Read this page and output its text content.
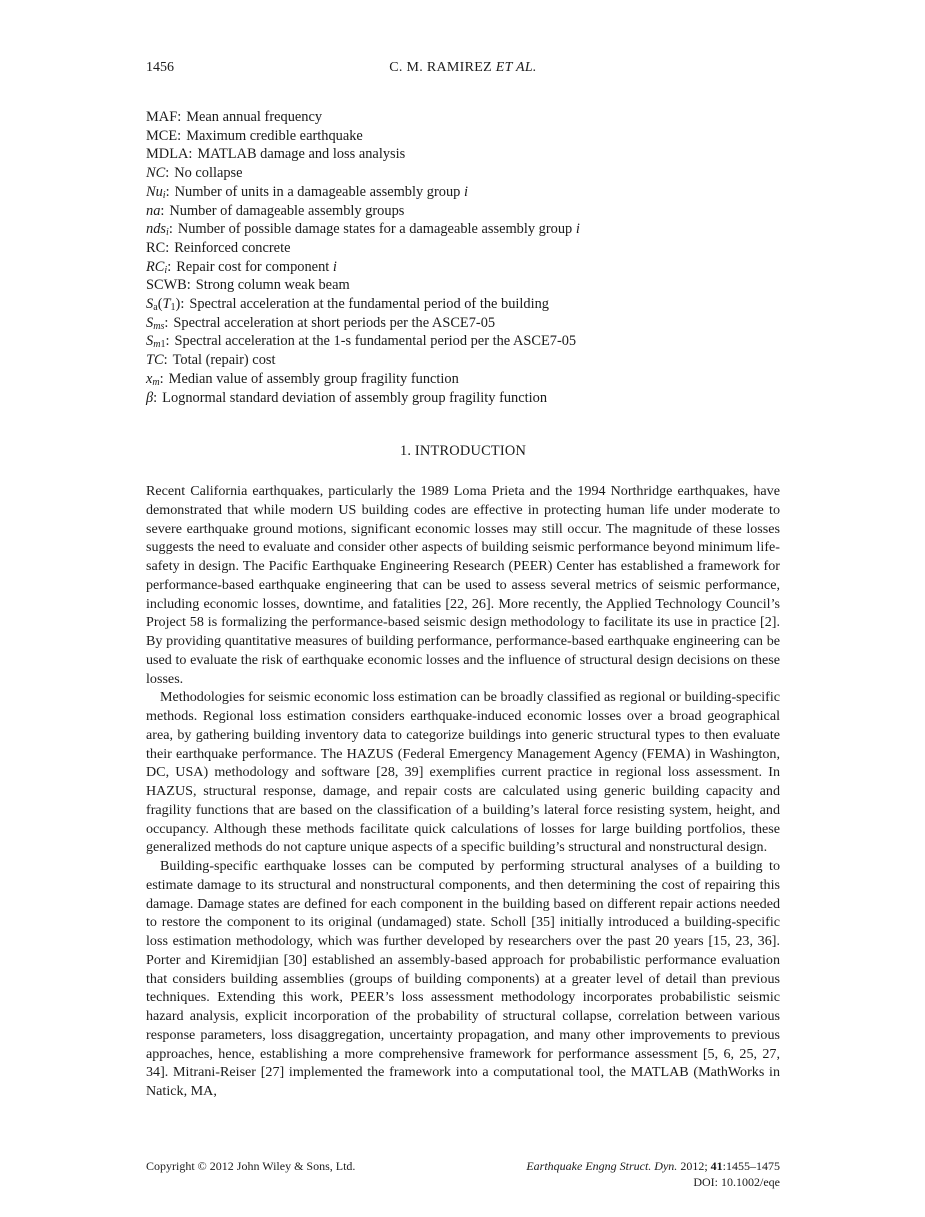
1456	C. M. RAMIREZ ET AL.
MAF: Mean annual frequency
MCE: Maximum credible earthquake
MDLA: MATLAB damage and loss analysis
NC: No collapse
$Nu_i$: Number of units in a damageable assembly group i
na: Number of damageable assembly groups
nds$_i$: Number of possible damage states for a damageable assembly group i
RC: Reinforced concrete
$RC_i$: Repair cost for component i
SCWB: Strong column weak beam
$S_a(T_1)$: Spectral acceleration at the fundamental period of the building
$S_{ms}$: Spectral acceleration at short periods per the ASCE7-05
$S_{m1}$: Spectral acceleration at the 1-s fundamental period per the ASCE7-05
TC: Total (repair) cost
$x_m$: Median value of assembly group fragility function
β: Lognormal standard deviation of assembly group fragility function
1. INTRODUCTION

Recent California earthquakes, particularly the 1989 Loma Prieta and the 1994 Northridge earthquakes, have demonstrated that while modern US building codes are effective in protecting human life under moderate to severe earthquake ground motions, significant economic losses may still occur. The magnitude of these losses suggests the need to evaluate and consider other aspects of building seismic performance beyond minimum life-safety in design. The Pacific Earthquake Engineering Research (PEER) Center has established a framework for performance-based earthquake engineering that can be used to assess several metrics of seismic performance, including economic losses, downtime, and fatalities [22, 26]. More recently, the Applied Technology Council’s Project 58 is formalizing the performance-based seismic design methodology to facilitate its use in practice [2]. By providing quantitative measures of building performance, performance-based earthquake engineering can be used to evaluate the risk of earthquake economic losses and the influence of structural design decisions on these losses.

Methodologies for seismic economic loss estimation can be broadly classified as regional or building-specific methods. Regional loss estimation considers earthquake-induced economic losses over a broad geographical area, by gathering building inventory data to categorize buildings into generic structural types to then evaluate their earthquake performance. The HAZUS (Federal Emergency Management Agency (FEMA) in Washington, DC, USA) methodology and software [28, 39] exemplifies current practice in regional loss assessment. In HAZUS, structural response, damage, and repair costs are calculated using generic building capacity and fragility functions that are based on the classification of a building’s lateral force resisting system, height, and occupancy. Although these methods facilitate quick calculations of losses for large building portfolios, these generalized methods do not capture unique aspects of a specific building’s structural and nonstructural design.

Building-specific earthquake losses can be computed by performing structural analyses of a building to estimate damage to its structural and nonstructural components, and then determining the cost of repairing this damage. Damage states are defined for each component in the building based on different repair actions needed to restore the component to its original (undamaged) state. Scholl [35] initially introduced a building-specific loss estimation methodology, which was further developed by researchers over the past 20 years [15, 23, 36]. Porter and Kiremidjian [30] established an assembly-based approach for probabilistic performance evaluation that considers building assemblies (groups of building components) at a greater level of detail than previous techniques. Extending this work, PEER’s loss assessment methodology incorporates probabilistic seismic hazard analysis, explicit incorporation of the probability of structural collapse, correlation between various response parameters, loss disaggregation, uncertainty propagation, and many other improvements to previous approaches, hence, establishing a more comprehensive framework for performance assessment [5, 6, 25, 27, 34]. Mitrani-Reiser [27] implemented the framework into a computational tool, the MATLAB (MathWorks in Natick, MA,

Copyright © 2012 John Wiley & Sons, Ltd.	Earthquake Engng Struct. Dyn. 2012; 41:1455–1475
DOI: 10.1002/eqe
